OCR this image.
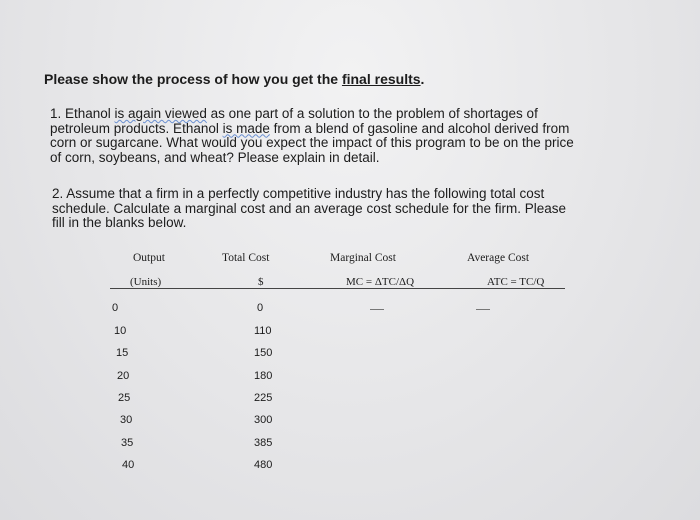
Please show the process of how you get the final results.
1. Ethanol is again viewed as one part of a solution to the problem of shortages of
petroleum products. Ethanol is made from a blend of gasoline and alcohol derived from
corn or sugarcane. What would you expect the impact of this program to be on the price
of corn, soybeans, and wheat? Please explain in detail.
2. Assume that a firm in a perfectly competitive industry has the following total cost
schedule. Calculate a marginal cost and an average cost schedule for the firm. Please
fill in the blanks below.
Output	Total Cost	Marginal Cost	Average Cost
(Units)	$	MC = ΔTC/ΔQ	ATC = TC/Q
0	0
10	110
15	150
20	180
25	225
30	300
35	385
40	480
